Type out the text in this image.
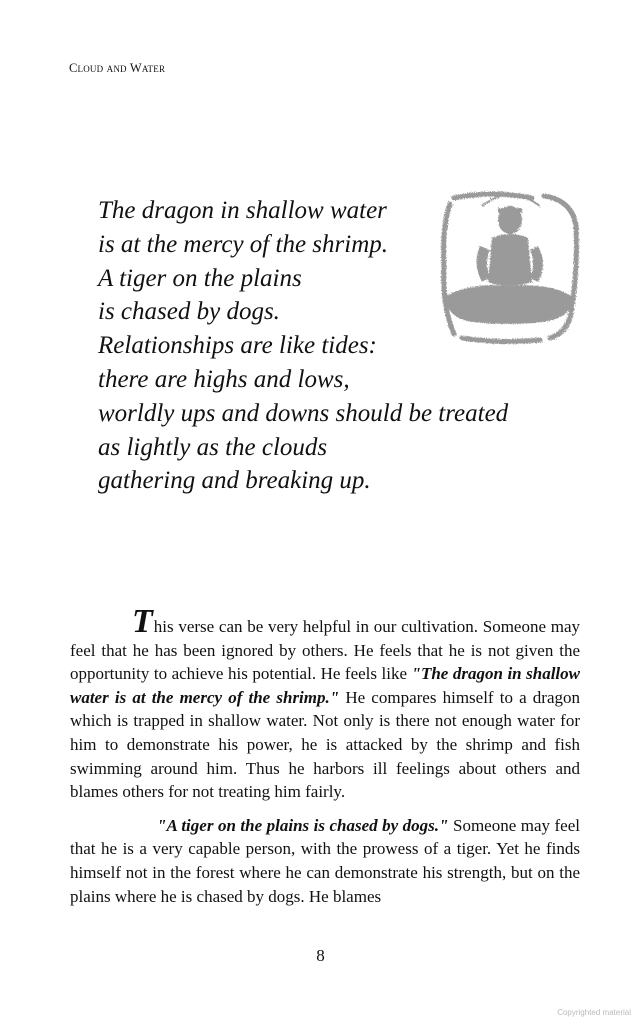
Cloud and Water
The dragon in shallow water
is at the mercy of the shrimp.
A tiger on the plains
is chased by dogs.
Relationships are like tides:
there are highs and lows,
worldly ups and downs should be treated
as lightly as the clouds
gathering and breaking up.

This verse can be very helpful in our cultivation. Someone may feel that he has been ignored by others. He feels that he is not given the opportunity to achieve his potential. He feels like "The dragon in shallow water is at the mercy of the shrimp." He compares himself to a dragon which is trapped in shallow water. Not only is there not enough water for him to demonstrate his power, he is attacked by the shrimp and fish swimming around him. Thus he harbors ill feelings about others and blames others for not treating him fairly.

"A tiger on the plains is chased by dogs." Someone may feel that he is a very capable person, with the prowess of a tiger. Yet he finds himself not in the forest where he can demonstrate his strength, but on the plains where he is chased by dogs. He blames

8
Copyrighted material
